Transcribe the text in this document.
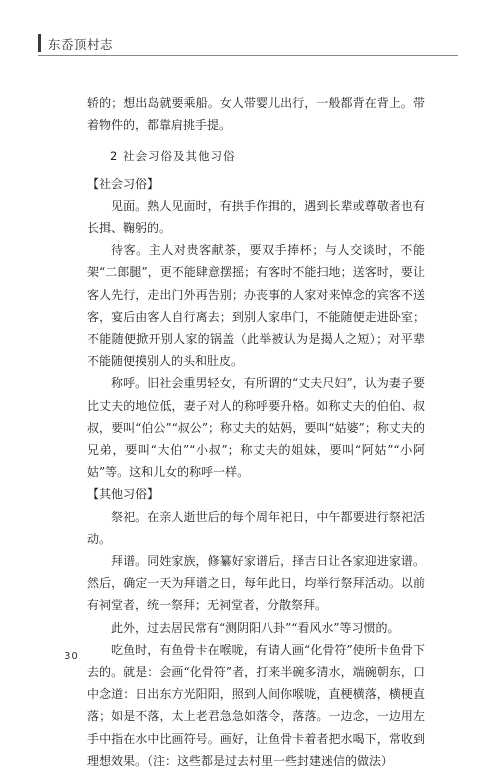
东岙顶村志

轿的；想出岛就要乘船。女人带婴儿出行，一般都背在背上。带着物件的，都靠肩挑手提。

2 社会习俗及其他习俗

【社会习俗】

见面。熟人见面时，有拱手作揖的，遇到长辈或尊敬者也有长揖、鞠躬的。

待客。主人对贵客献茶，要双手捧杯；与人交谈时，不能架“二郎腿”，更不能肆意摆摇；有客时不能扫地；送客时，要让客人先行，走出门外再告别；办丧事的人家对来悼念的宾客不送客，宴后由客人自行离去；到别人家串门，不能随便走进卧室；不能随便掀开别人家的锅盖（此举被认为是揭人之短）；对平辈不能随便摸别人的头和肚皮。

称呼。旧社会重男轻女，有所谓的“丈夫尺妇”，认为妻子要比丈夫的地位低，妻子对人的称呼要升格。如称丈夫的伯伯、叔叔，要叫“伯公”“叔公”；称丈夫的姑妈，要叫“姑婆”；称丈夫的兄弟，要叫“大伯”“小叔”；称丈夫的姐妹，要叫“阿姑”“小阿姑”等。这和儿女的称呼一样。

【其他习俗】

祭祀。在亲人逝世后的每个周年祀日，中午都要进行祭祀活动。

拜谱。同姓家族，修纂好家谱后，择吉日让各家迎进家谱。然后，确定一天为拜谱之日，每年此日，均举行祭拜活动。以前有祠堂者，统一祭拜；无祠堂者，分散祭拜。

此外，过去居民常有“测阴阳八卦”“看风水”等习惯的。

吃鱼时，有鱼骨卡在喉咙，有请人画“化骨符”使所卡鱼骨下去的。就是：会画“化骨符”者，打来半碗多清水，端碗朝东，口中念道：日出东方光阳阳，照到人间你喉咙，直梗横落，横梗直落；如是不落，太上老君急急如落令，落落。一边念，一边用左手中指在水中比画符号。画好，让鱼骨卡着者把水喝下，常收到理想效果。（注：这些都是过去村里一些封建迷信的做法）

30
